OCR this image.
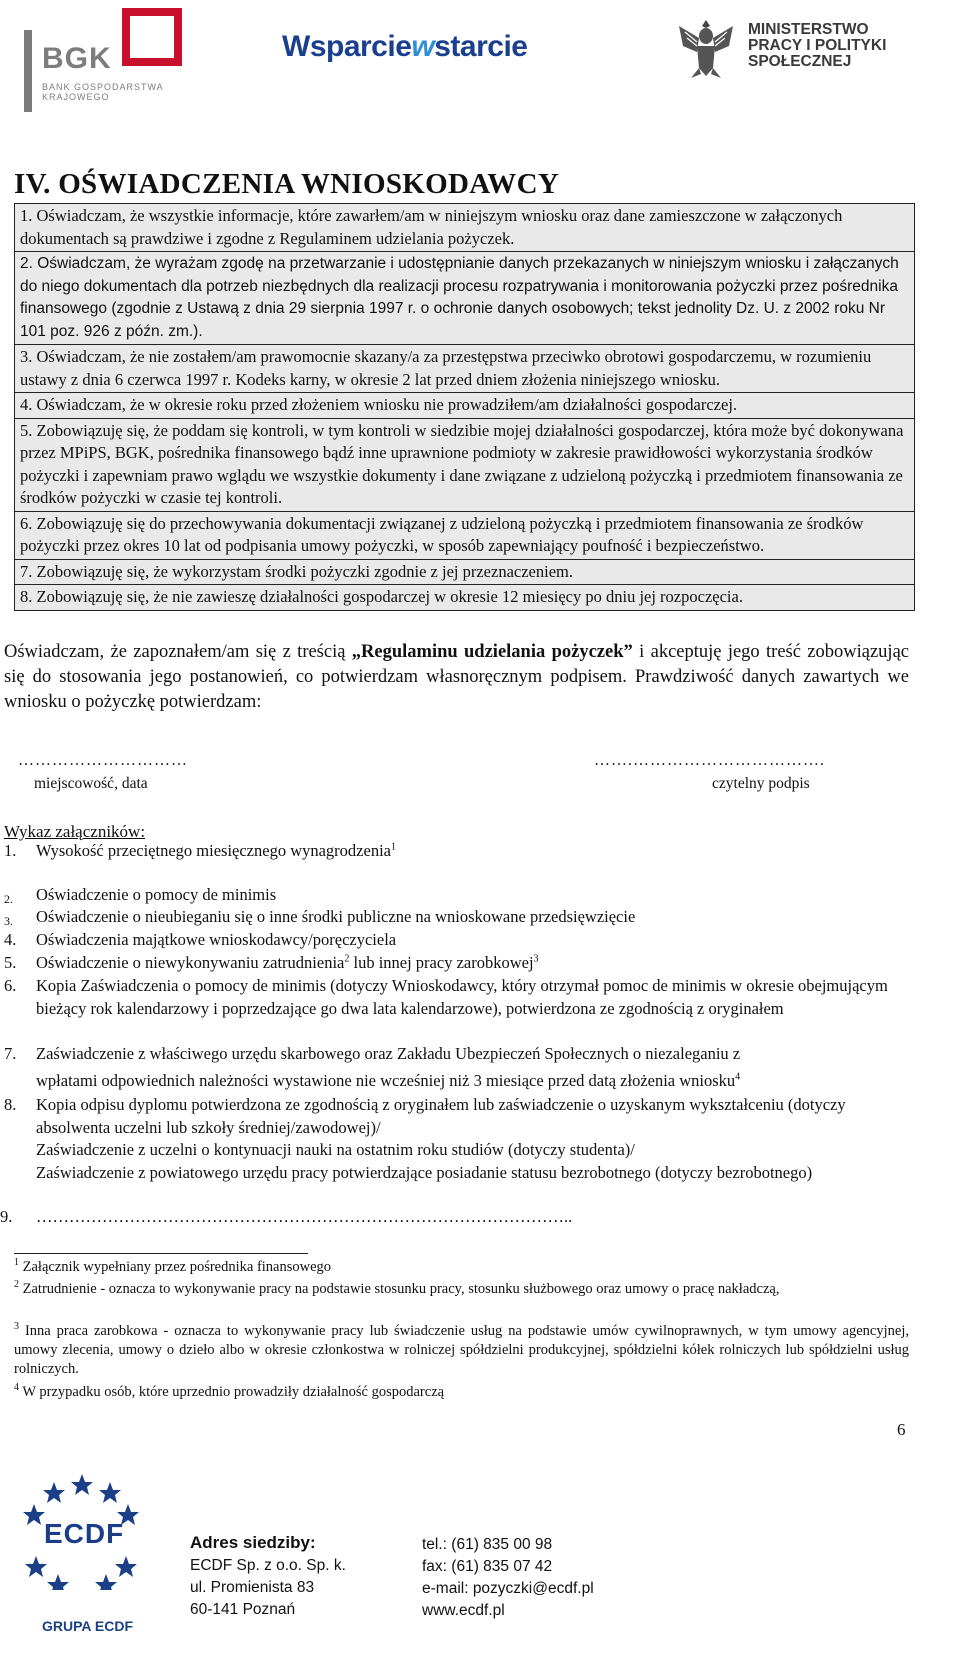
BGK
BANK GOSPODARSTWA
KRAJOWEGO
Wsparciewstarcie
MINISTERSTWO
PRACY I POLITYKI
SPOŁECZNEJ
IV. OŚWIADCZENIA WNIOSKODAWCY
1. Oświadczam, że wszystkie informacje, które zawarłem/am w niniejszym wniosku oraz dane zamieszczone w załączonych dokumentach są prawdziwe i zgodne z Regulaminem udzielania pożyczek.
2. Oświadczam, że wyrażam zgodę na przetwarzanie i udostępnianie danych przekazanych w niniejszym wniosku i załączanych do niego dokumentach dla potrzeb niezbędnych dla realizacji procesu rozpatrywania i monitorowania pożyczki przez pośrednika finansowego (zgodnie z Ustawą z dnia 29 sierpnia 1997 r. o ochronie danych osobowych; tekst jednolity Dz. U. z 2002 roku Nr 101 poz. 926 z późn. zm.).
3. Oświadczam, że nie zostałem/am prawomocnie skazany/a za przestępstwa przeciwko obrotowi gospodarczemu, w rozumieniu ustawy z dnia 6 czerwca 1997 r. Kodeks karny, w okresie 2 lat przed dniem złożenia niniejszego wniosku.
4. Oświadczam, że w okresie roku przed złożeniem wniosku nie prowadziłem/am działalności gospodarczej.
5. Zobowiązuję się, że poddam się kontroli, w tym kontroli w siedzibie mojej działalności gospodarczej, która może być dokonywana przez MPiPS, BGK, pośrednika finansowego bądź inne uprawnione podmioty w zakresie prawidłowości wykorzystania środków pożyczki i zapewniam prawo wglądu we wszystkie dokumenty i dane związane z udzieloną pożyczką i przedmiotem finansowania ze środków pożyczki w czasie tej kontroli.
6. Zobowiązuję się do przechowywania dokumentacji związanej z udzieloną pożyczką i przedmiotem finansowania ze środków pożyczki przez okres 10 lat od podpisania umowy pożyczki, w sposób zapewniający poufność i bezpieczeństwo.
7. Zobowiązuję się, że wykorzystam środki pożyczki zgodnie z jej przeznaczeniem.
8. Zobowiązuję się, że nie zawieszę działalności gospodarczej w okresie 12 miesięcy po dniu jej rozpoczęcia.
Oświadczam, że zapoznałem/am się z treścią „Regulaminu udzielania pożyczek” i akceptuję jego treść zobowiązując się do stosowania jego postanowień, co potwierdzam własnoręcznym podpisem. Prawdziwość danych zawartych we wniosku o pożyczkę potwierdzam:
…………………………	…….…………………………….
miejscowość, data	czytelny podpis
Wykaz załączników:
1. Wysokość przeciętnego miesięcznego wynagrodzenia$^1$
2. Oświadczenie o pomocy de minimis
3. Oświadczenie o nieubieganiu się o inne środki publiczne na wnioskowane przedsięwzięcie
4. Oświadczenia majątkowe wnioskodawcy/poręczyciela
5. Oświadczenie o niewykonywaniu zatrudnienia$^2$ lub innej pracy zarobkowej$^3$
6. Kopia Zaświadczenia o pomocy de minimis (dotyczy Wnioskodawcy, który otrzymał pomoc de minimis w okresie obejmującym bieżący rok kalendarzowy i poprzedzające go dwa lata kalendarzowe), potwierdzona ze zgodnością z oryginałem
7. Zaświadczenie z właściwego urzędu skarbowego oraz Zakładu Ubezpieczeń Społecznych o niezaleganiu z
wpłatami odpowiednich należności wystawione nie wcześniej niż 3 miesiące przed datą złożenia wniosku$^4$
8. Kopia odpisu dyplomu potwierdzona ze zgodnością z oryginałem lub zaświadczenie o uzyskanym wykształceniu (dotyczy absolwenta uczelni lub szkoły średniej/zawodowej)/
Zaświadczenie z uczelni o kontynuacji nauki na ostatnim roku studiów (dotyczy studenta)/
Zaświadczenie z powiatowego urzędu pracy potwierdzające posiadanie statusu bezrobotnego (dotyczy bezrobotnego)
9. ……………………………………………………………………………………..
$^1$ Załącznik wypełniany przez pośrednika finansowego
$^2$ Zatrudnienie - oznacza to wykonywanie pracy na podstawie stosunku pracy, stosunku służbowego oraz umowy o pracę nakładczą,
$^3$ Inna praca zarobkowa - oznacza to wykonywanie pracy lub świadczenie usług na podstawie umów cywilnoprawnych, w tym umowy agencyjnej, umowy zlecenia, umowy o dzieło albo w okresie członkostwa w rolniczej spółdzielni produkcyjnej, spółdzielni kółek rolniczych lub spółdzielni usług rolniczych.
$^4$ W przypadku osób, które uprzednio prowadziły działalność gospodarczą
6
ECDF
GRUPA ECDF
Adres siedziby:
ECDF Sp. z o.o. Sp. k.
ul. Promienista 83
60-141 Poznań
tel.: (61) 835 00 98
fax: (61) 835 07 42
e-mail: pozyczki@ecdf.pl
www.ecdf.pl
